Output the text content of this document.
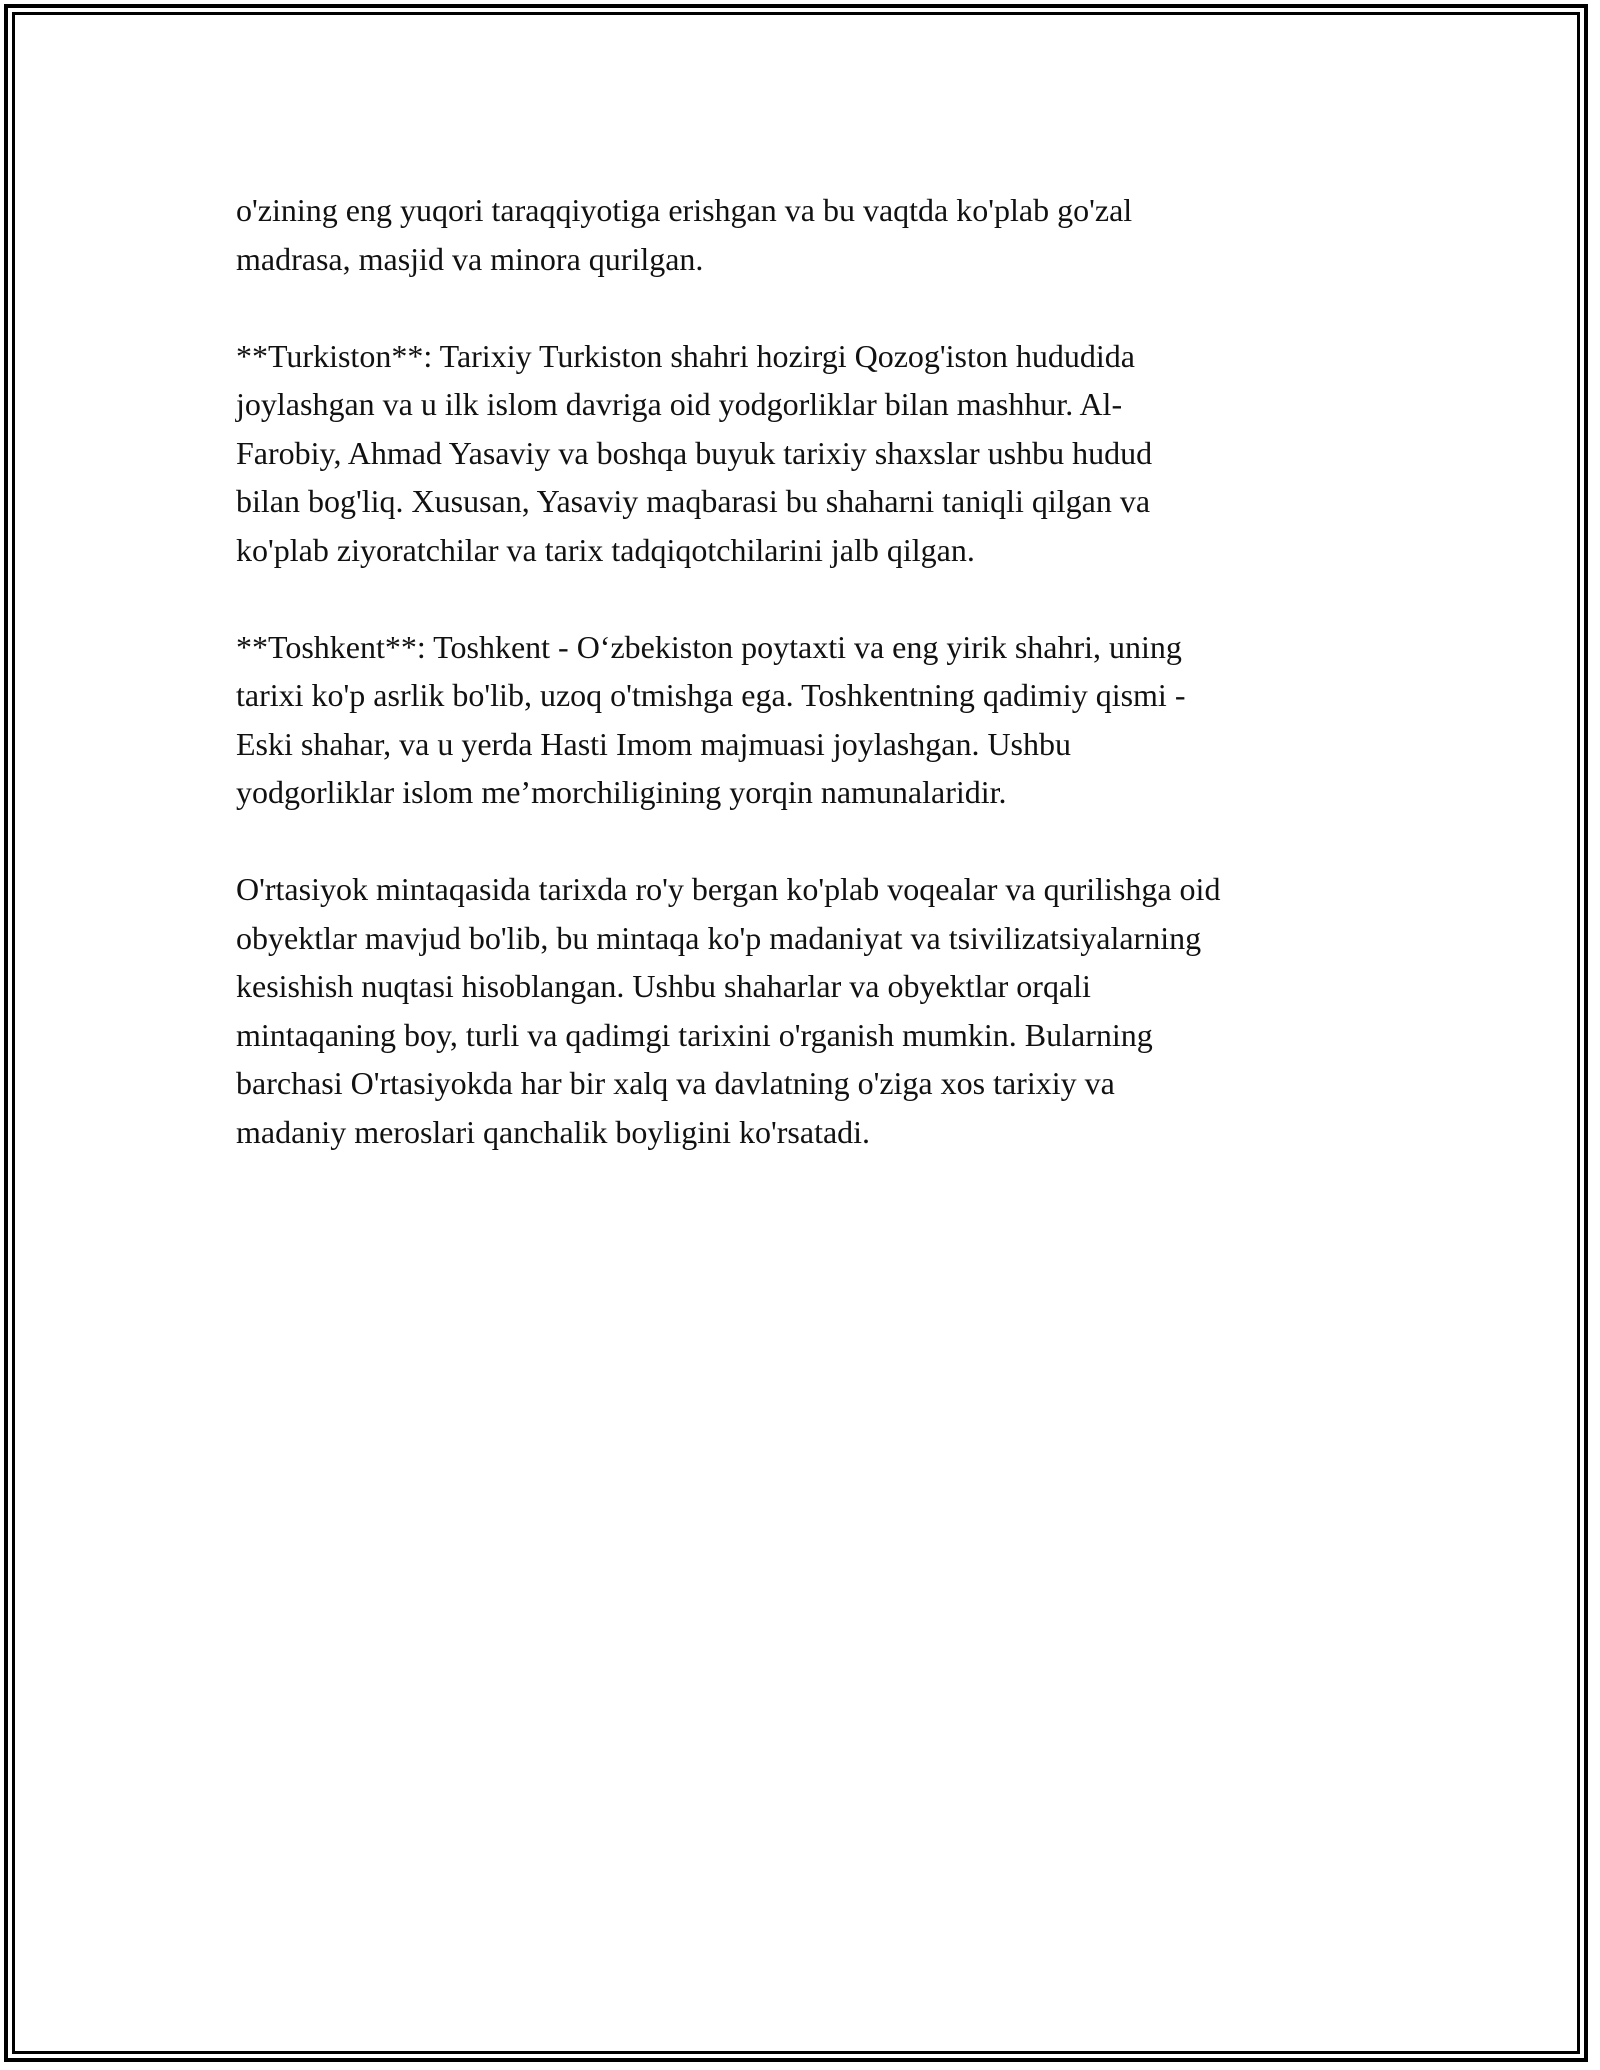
o'zining eng yuqori taraqqiyotiga erishgan va bu vaqtda ko'plab go'zal
madrasa, masjid va minora qurilgan.

**Turkiston**: Tarixiy Turkiston shahri hozirgi Qozog'iston hududida
joylashgan va u ilk islom davriga oid yodgorliklar bilan mashhur. Al-
Farobiy, Ahmad Yasaviy va boshqa buyuk tarixiy shaxslar ushbu hudud
bilan bog'liq. Xususan, Yasaviy maqbarasi bu shaharni taniqli qilgan va
ko'plab ziyoratchilar va tarix tadqiqotchilarini jalb qilgan.

**Toshkent**: Toshkent - O‘zbekiston poytaxti va eng yirik shahri, uning
tarixi ko'p asrlik bo'lib, uzoq o'tmishga ega. Toshkentning qadimiy qismi -
Eski shahar, va u yerda Hasti Imom majmuasi joylashgan. Ushbu
yodgorliklar islom me’morchiligining yorqin namunalaridir.

O'rtasiyok mintaqasida tarixda ro'y bergan ko'plab voqealar va qurilishga oid
obyektlar mavjud bo'lib, bu mintaqa ko'p madaniyat va tsivilizatsiyalarning
kesishish nuqtasi hisoblangan. Ushbu shaharlar va obyektlar orqali
mintaqaning boy, turli va qadimgi tarixini o'rganish mumkin. Bularning
barchasi O'rtasiyokda har bir xalq va davlatning o'ziga xos tarixiy va
madaniy meroslari qanchalik boyligini ko'rsatadi.
